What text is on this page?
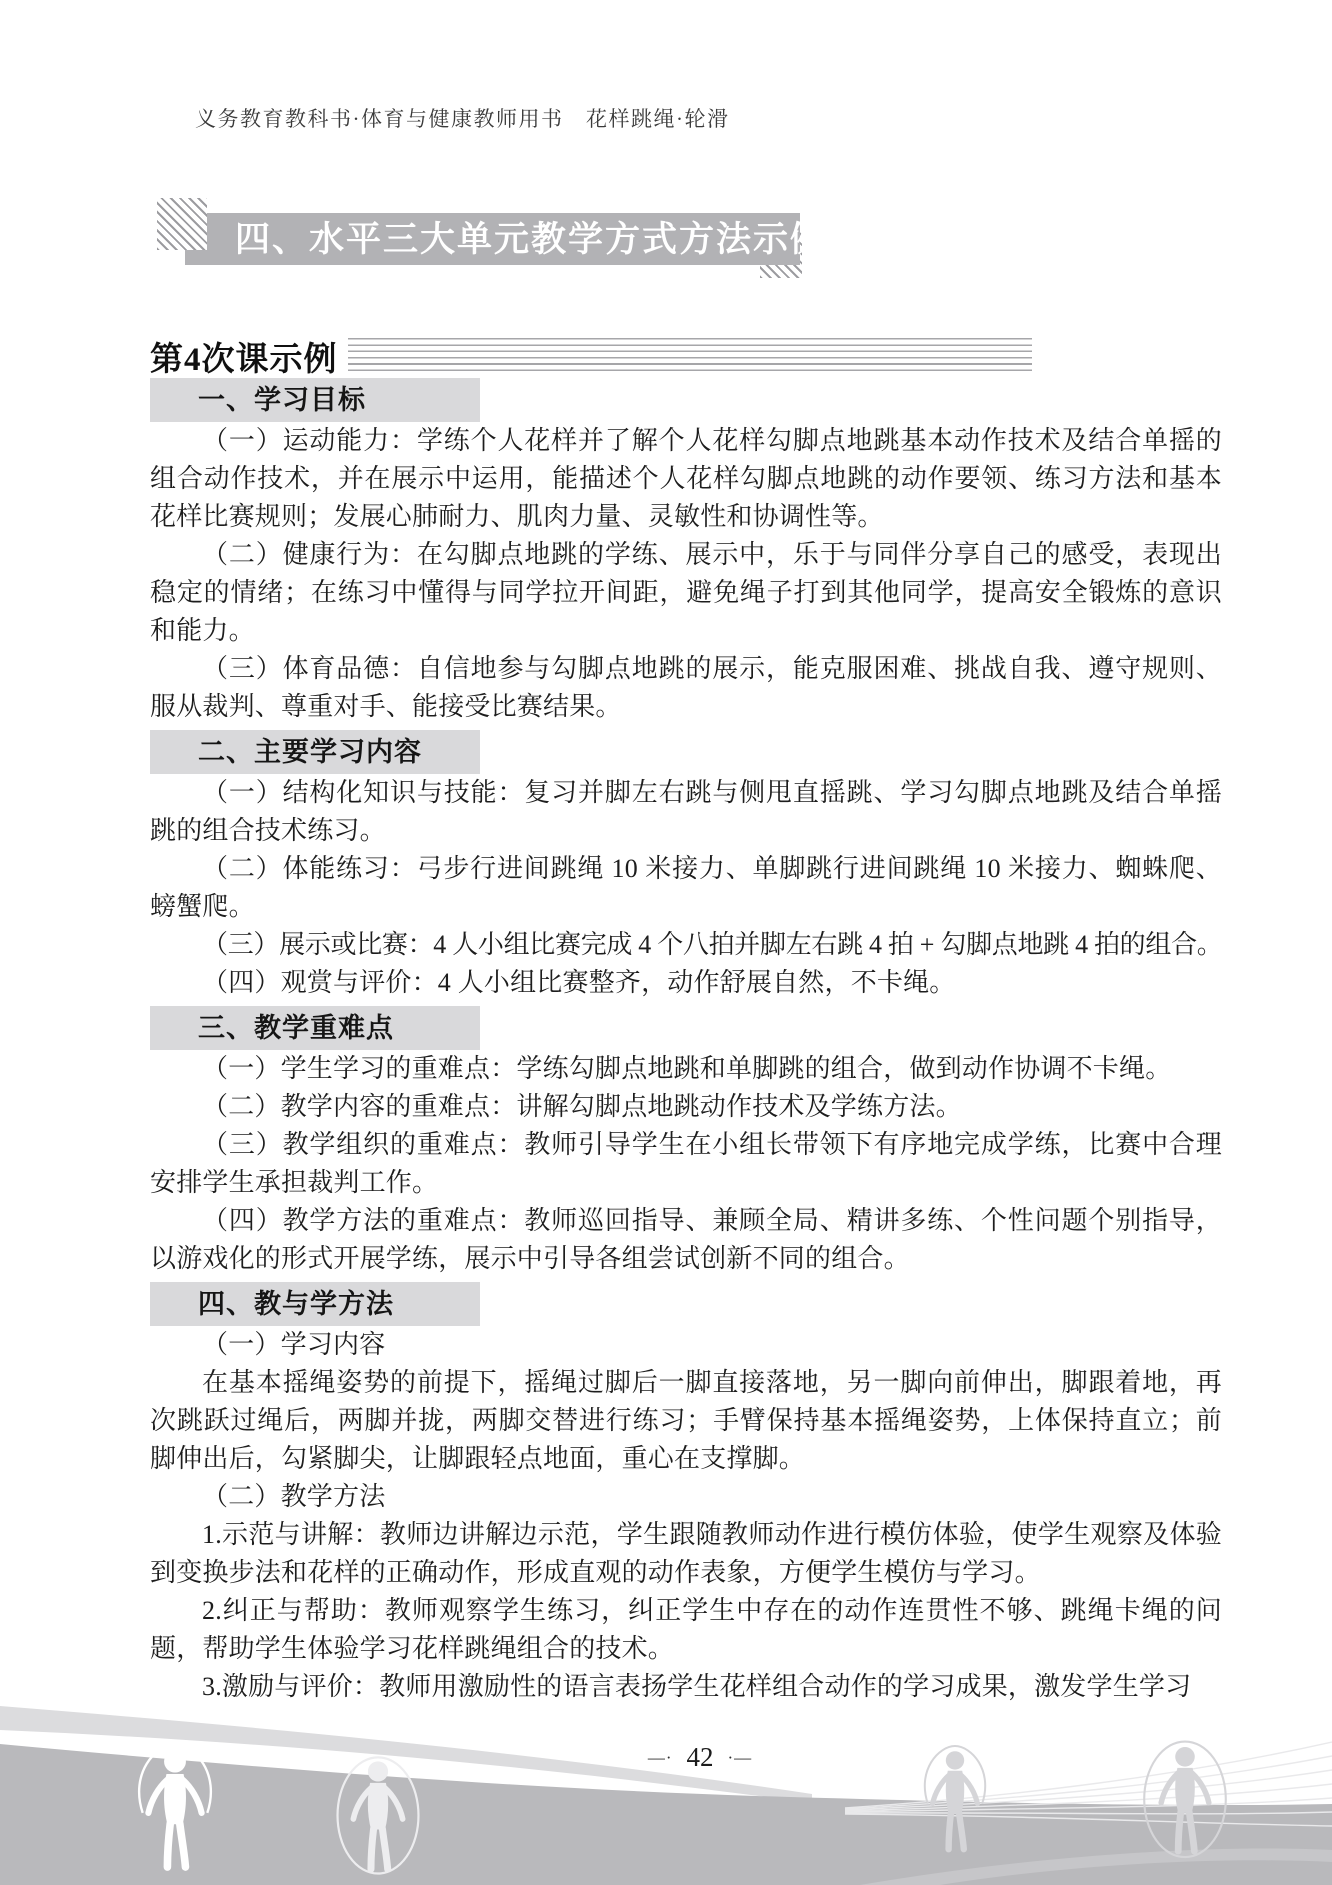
义务教育教科书·体育与健康教师用书　花样跳绳·轮滑
四、水平三大单元教学方式方法示例
第4次课示例
一、学习目标

（一）运动能力：学练个人花样并了解个人花样勾脚点地跳基本动作技术及结合单摇的组合动作技术，并在展示中运用，能描述个人花样勾脚点地跳的动作要领、练习方法和基本花样比赛规则；发展心肺耐力、肌肉力量、灵敏性和协调性等。

（二）健康行为：在勾脚点地跳的学练、展示中，乐于与同伴分享自己的感受，表现出稳定的情绪；在练习中懂得与同学拉开间距，避免绳子打到其他同学，提高安全锻炼的意识和能力。

（三）体育品德：自信地参与勾脚点地跳的展示，能克服困难、挑战自我、遵守规则、服从裁判、尊重对手、能接受比赛结果。

二、主要学习内容

（一）结构化知识与技能：复习并脚左右跳与侧甩直摇跳、学习勾脚点地跳及结合单摇跳的组合技术练习。

（二）体能练习：弓步行进间跳绳 10 米接力、单脚跳行进间跳绳 10 米接力、蜘蛛爬、螃蟹爬。

（三）展示或比赛：4 人小组比赛完成 4 个八拍并脚左右跳 4 拍 + 勾脚点地跳 4 拍的组合。

（四）观赏与评价：4 人小组比赛整齐，动作舒展自然，不卡绳。

三、教学重难点

（一）学生学习的重难点：学练勾脚点地跳和单脚跳的组合，做到动作协调不卡绳。

（二）教学内容的重难点：讲解勾脚点地跳动作技术及学练方法。

（三）教学组织的重难点：教师引导学生在小组长带领下有序地完成学练，比赛中合理安排学生承担裁判工作。

（四）教学方法的重难点：教师巡回指导、兼顾全局、精讲多练、个性问题个别指导，以游戏化的形式开展学练，展示中引导各组尝试创新不同的组合。

四、教与学方法

（一）学习内容

在基本摇绳姿势的前提下，摇绳过脚后一脚直接落地，另一脚向前伸出，脚跟着地，再次跳跃过绳后，两脚并拢，两脚交替进行练习；手臂保持基本摇绳姿势，上体保持直立；前脚伸出后，勾紧脚尖，让脚跟轻点地面，重心在支撑脚。

（二）教学方法

1.示范与讲解：教师边讲解边示范，学生跟随教师动作进行模仿体验，使学生观察及体验到变换步法和花样的正确动作，形成直观的动作表象，方便学生模仿与学习。

2.纠正与帮助：教师观察学生练习，纠正学生中存在的动作连贯性不够、跳绳卡绳的问题，帮助学生体验学习花样跳绳组合的技术。

3.激励与评价：教师用激励性的语言表扬学生花样组合动作的学习成果，激发学生学习

—· 42 ·—
